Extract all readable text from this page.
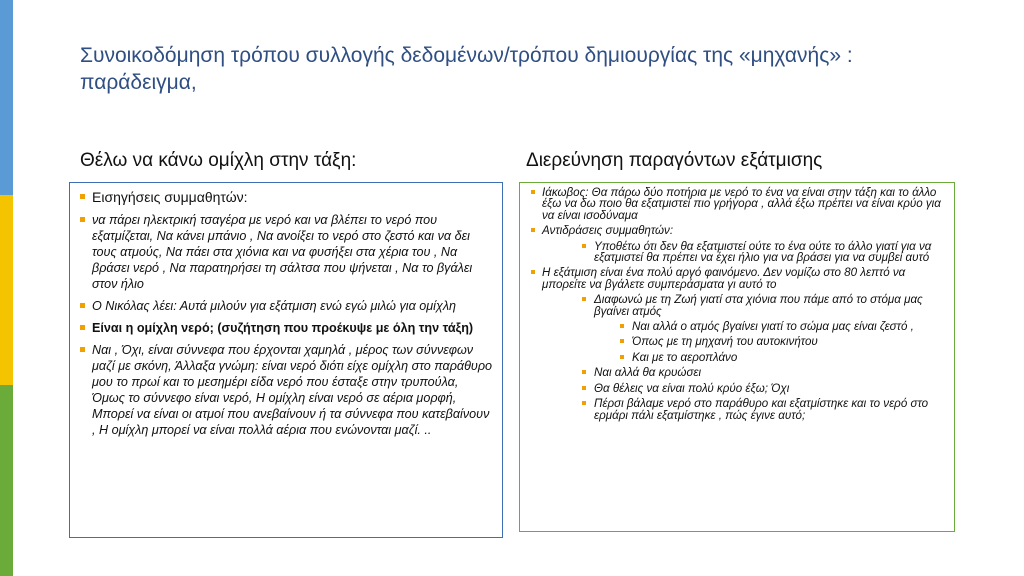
Συνοικοδόμηση τρόπου συλλογής δεδομένων/τρόπου δημιουργίας της «μηχανής» : παράδειγμα,
Θέλω να κάνω ομίχλη στην τάξη:	Διερεύνηση παραγόντων εξάτμισης
Εισηγήσεις συμμαθητών:
να πάρει ηλεκτρική τσαγέρα με νερό και να βλέπει το νερό που εξατμίζεται, Να κάνει μπάνιο , Να ανοίξει το νερό στο ζεστό και να δει τους ατμούς, Να πάει στα χιόνια και να φυσήξει στα χέρια του , Να βράσει νερό , Να παρατηρήσει τη σάλτσα που ψήνεται , Να το βγάλει στον ήλιο
Ο Νικόλας λέει: Αυτά μιλούν για εξάτμιση ενώ εγώ μιλώ για ομίχλη
Είναι η ομίχλη νερό; (συζήτηση που προέκυψε με όλη την τάξη)
Ναι , Όχι, είναι σύννεφα που έρχονται χαμηλά , μέρος των σύννεφων μαζί με σκόνη, Άλλαξα γνώμη: είναι νερό διότι είχε ομίχλη στο παράθυρο μου το πρωί και το μεσημέρι είδα νερό που έσταξε στην τρυπούλα, Όμως το σύννεφο είναι νερό, Η ομίχλη είναι νερό σε αέρια μορφή, Μπορεί να είναι οι ατμοί που ανεβαίνουν ή τα σύννεφα που κατεβαίνουν , Η ομίχλη μπορεί να είναι πολλά αέρια που ενώνονται μαζί. ..
Ιάκωβος: Θα πάρω δύο ποτήρια με νερό το ένα να είναι στην τάξη και το άλλο έξω να δω ποιο θα εξατμιστεί πιο γρήγορα , αλλά έξω πρέπει να είναι κρύο για να είναι ισοδύναμα
Αντιδράσεις συμμαθητών:
Υποθέτω ότι δεν θα εξατμιστεί ούτε το ένα ούτε το άλλο γιατί για να εξατμιστεί θα πρέπει να έχει ήλιο για να βράσει για να συμβεί αυτό
Η εξάτμιση είναι ένα πολύ αργό φαινόμενο. Δεν νομίζω στο 80 λεπτό να μπορείτε να βγάλετε συμπεράσματα γι αυτό το
Διαφωνώ με τη Ζωή γιατί στα χιόνια που πάμε από το στόμα μας βγαίνει ατμός
Ναι αλλά ο ατμός βγαίνει γιατί το σώμα μας είναι ζεστό ,
Όπως με τη μηχανή του αυτοκινήτου
Και με το αεροπλάνο
Ναι αλλά θα κρυώσει
Θα θέλεις να είναι πολύ κρύο έξω; Όχι
Πέρσι βάλαμε νερό στο παράθυρο και εξατμίστηκε και το νερό στο ερμάρι πάλι εξατμίστηκε , πώς έγινε αυτό;
